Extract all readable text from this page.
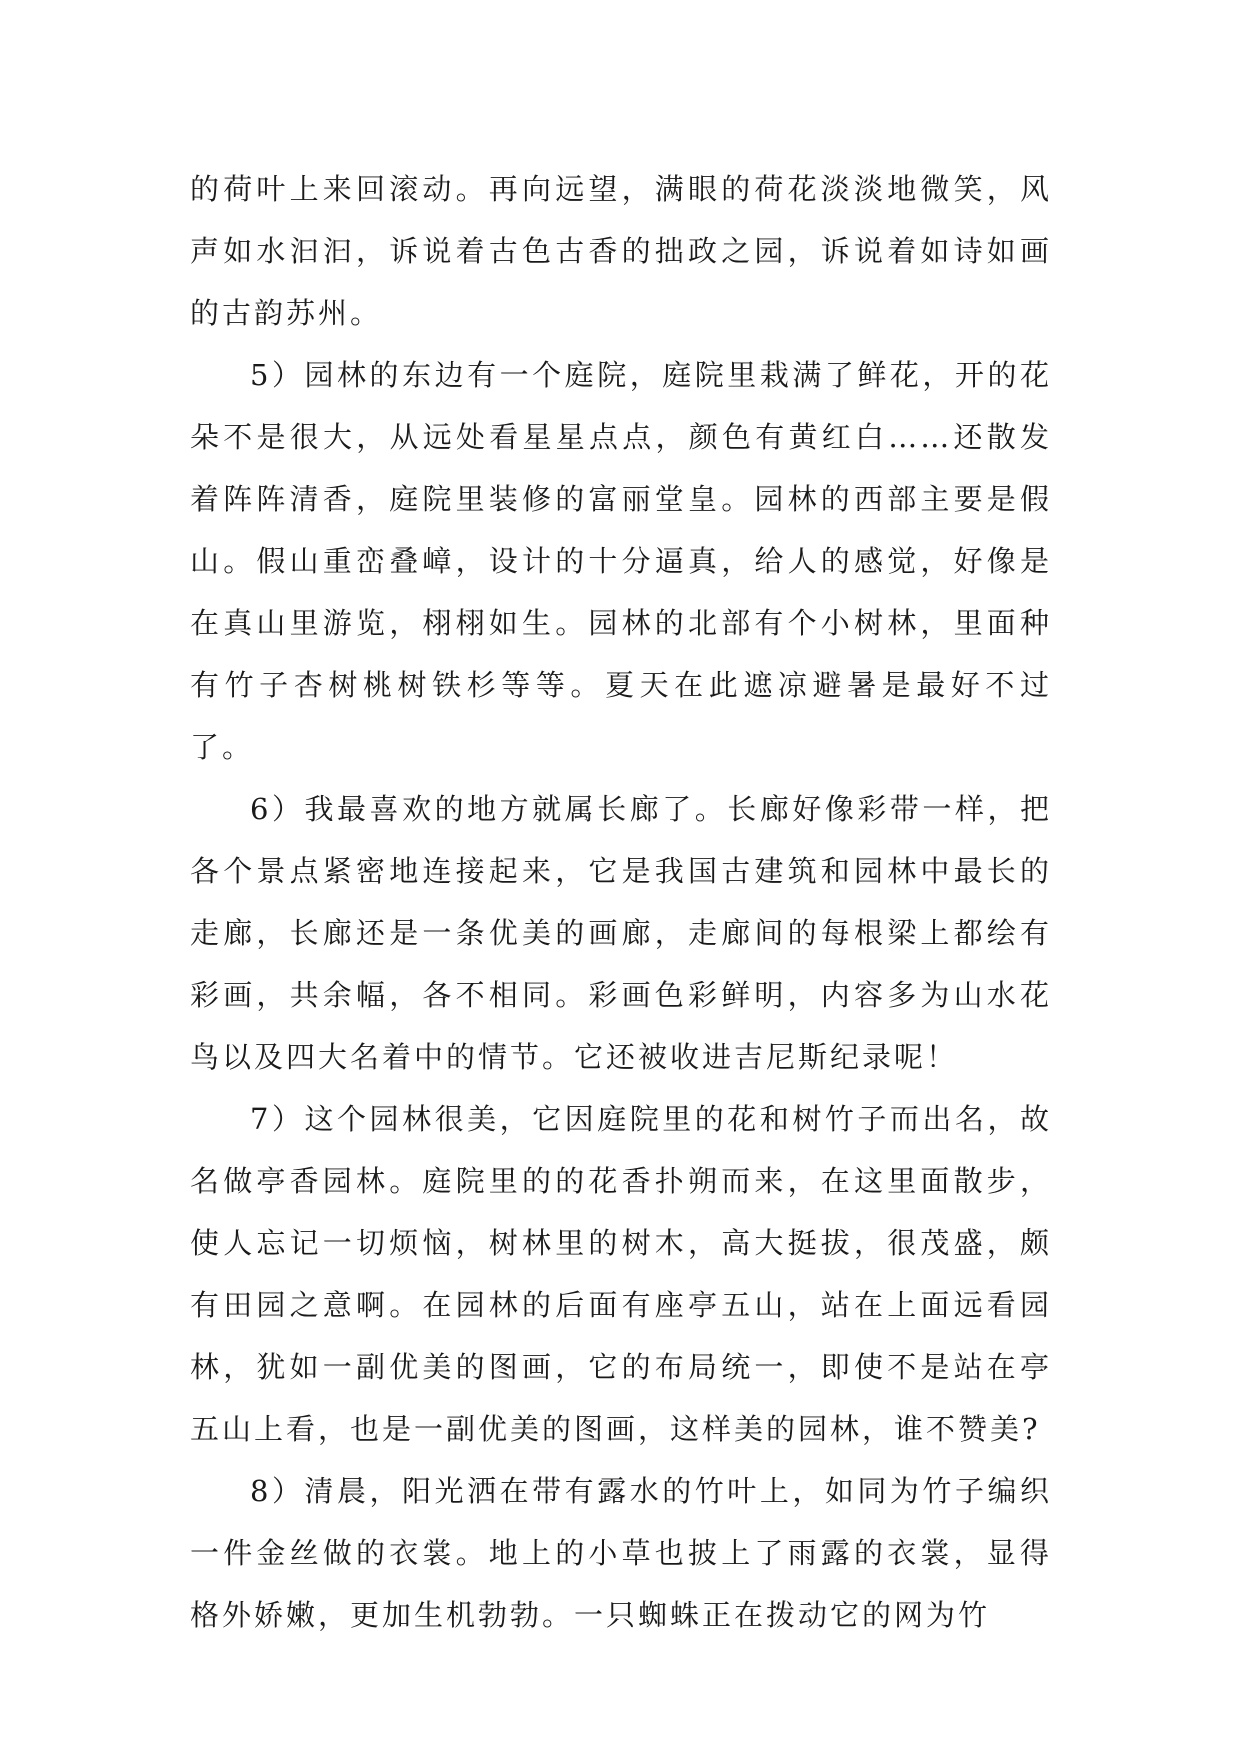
的荷叶上来回滚动。再向远望，满眼的荷花淡淡地微笑，风声如水汩汩，诉说着古色古香的拙政之园，诉说着如诗如画的古韵苏州。

5）园林的东边有一个庭院，庭院里栽满了鲜花，开的花朵不是很大，从远处看星星点点，颜色有黄红白……还散发着阵阵清香，庭院里装修的富丽堂皇。园林的西部主要是假山。假山重峦叠嶂，设计的十分逼真，给人的感觉，好像是在真山里游览，栩栩如生。园林的北部有个小树林，里面种有竹子杏树桃树铁杉等等。夏天在此遮凉避暑是最好不过了。

6）我最喜欢的地方就属长廊了。长廊好像彩带一样，把各个景点紧密地连接起来，它是我国古建筑和园林中最长的走廊，长廊还是一条优美的画廊，走廊间的每根梁上都绘有彩画，共余幅，各不相同。彩画色彩鲜明，内容多为山水花鸟以及四大名着中的情节。它还被收进吉尼斯纪录呢！

7）这个园林很美，它因庭院里的花和树竹子而出名，故名做亭香园林。庭院里的的花香扑朔而来，在这里面散步，使人忘记一切烦恼，树林里的树木，高大挺拔，很茂盛，颇有田园之意啊。在园林的后面有座亭五山，站在上面远看园林，犹如一副优美的图画，它的布局统一，即使不是站在亭五山上看，也是一副优美的图画，这样美的园林，谁不赞美?

8）清晨，阳光洒在带有露水的竹叶上，如同为竹子编织一件金丝做的衣裳。地上的小草也披上了雨露的衣裳，显得格外娇嫩，更加生机勃勃。一只蜘蛛正在拨动它的网为竹
